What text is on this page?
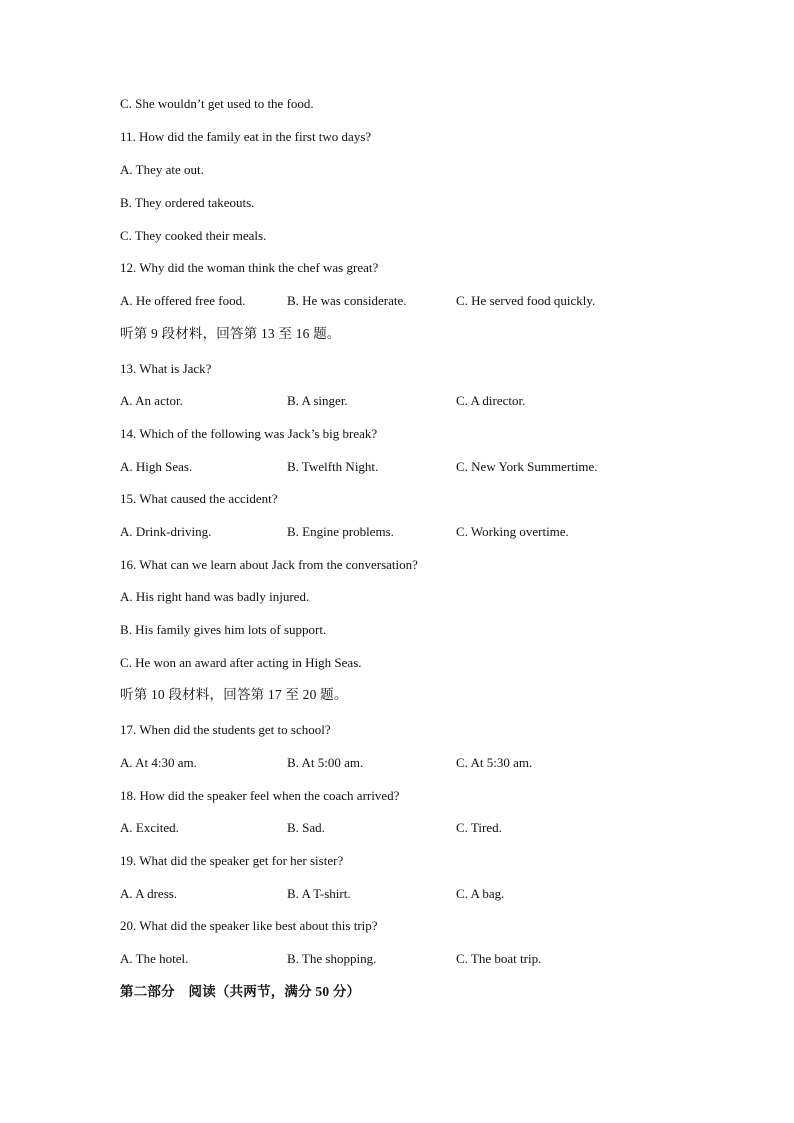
C. She wouldn’t get used to the food.
11. How did the family eat in the first two days?
A. They ate out.
B. They ordered takeouts.
C. They cooked their meals.
12. Why did the woman think the chef was great?
A. He offered free food.	B. He was considerate.	C. He served food quickly.
听第 9 段材料，回答第 13 至 16 题。
13. What is Jack?
A. An actor.	B. A singer.	C. A director.
14. Which of the following was Jack’s big break?
A. High Seas.	B. Twelfth Night.	C. New York Summertime.
15. What caused the accident?
A. Drink-driving.	B. Engine problems.	C. Working overtime.
16. What can we learn about Jack from the conversation?
A. His right hand was badly injured.
B. His family gives him lots of support.
C. He won an award after acting in High Seas.
听第 10 段材料，回答第 17 至 20 题。
17. When did the students get to school?
A. At 4:30 am.	B. At 5:00 am.	C. At 5:30 am.
18. How did the speaker feel when the coach arrived?
A. Excited.	B. Sad.	C. Tired.
19. What did the speaker get for her sister?
A. A dress.	B. A T-shirt.	C. A bag.
20. What did the speaker like best about this trip?
A. The hotel.	B. The shopping.	C. The boat trip.
第二部分　阅读（共两节，满分 50 分）
